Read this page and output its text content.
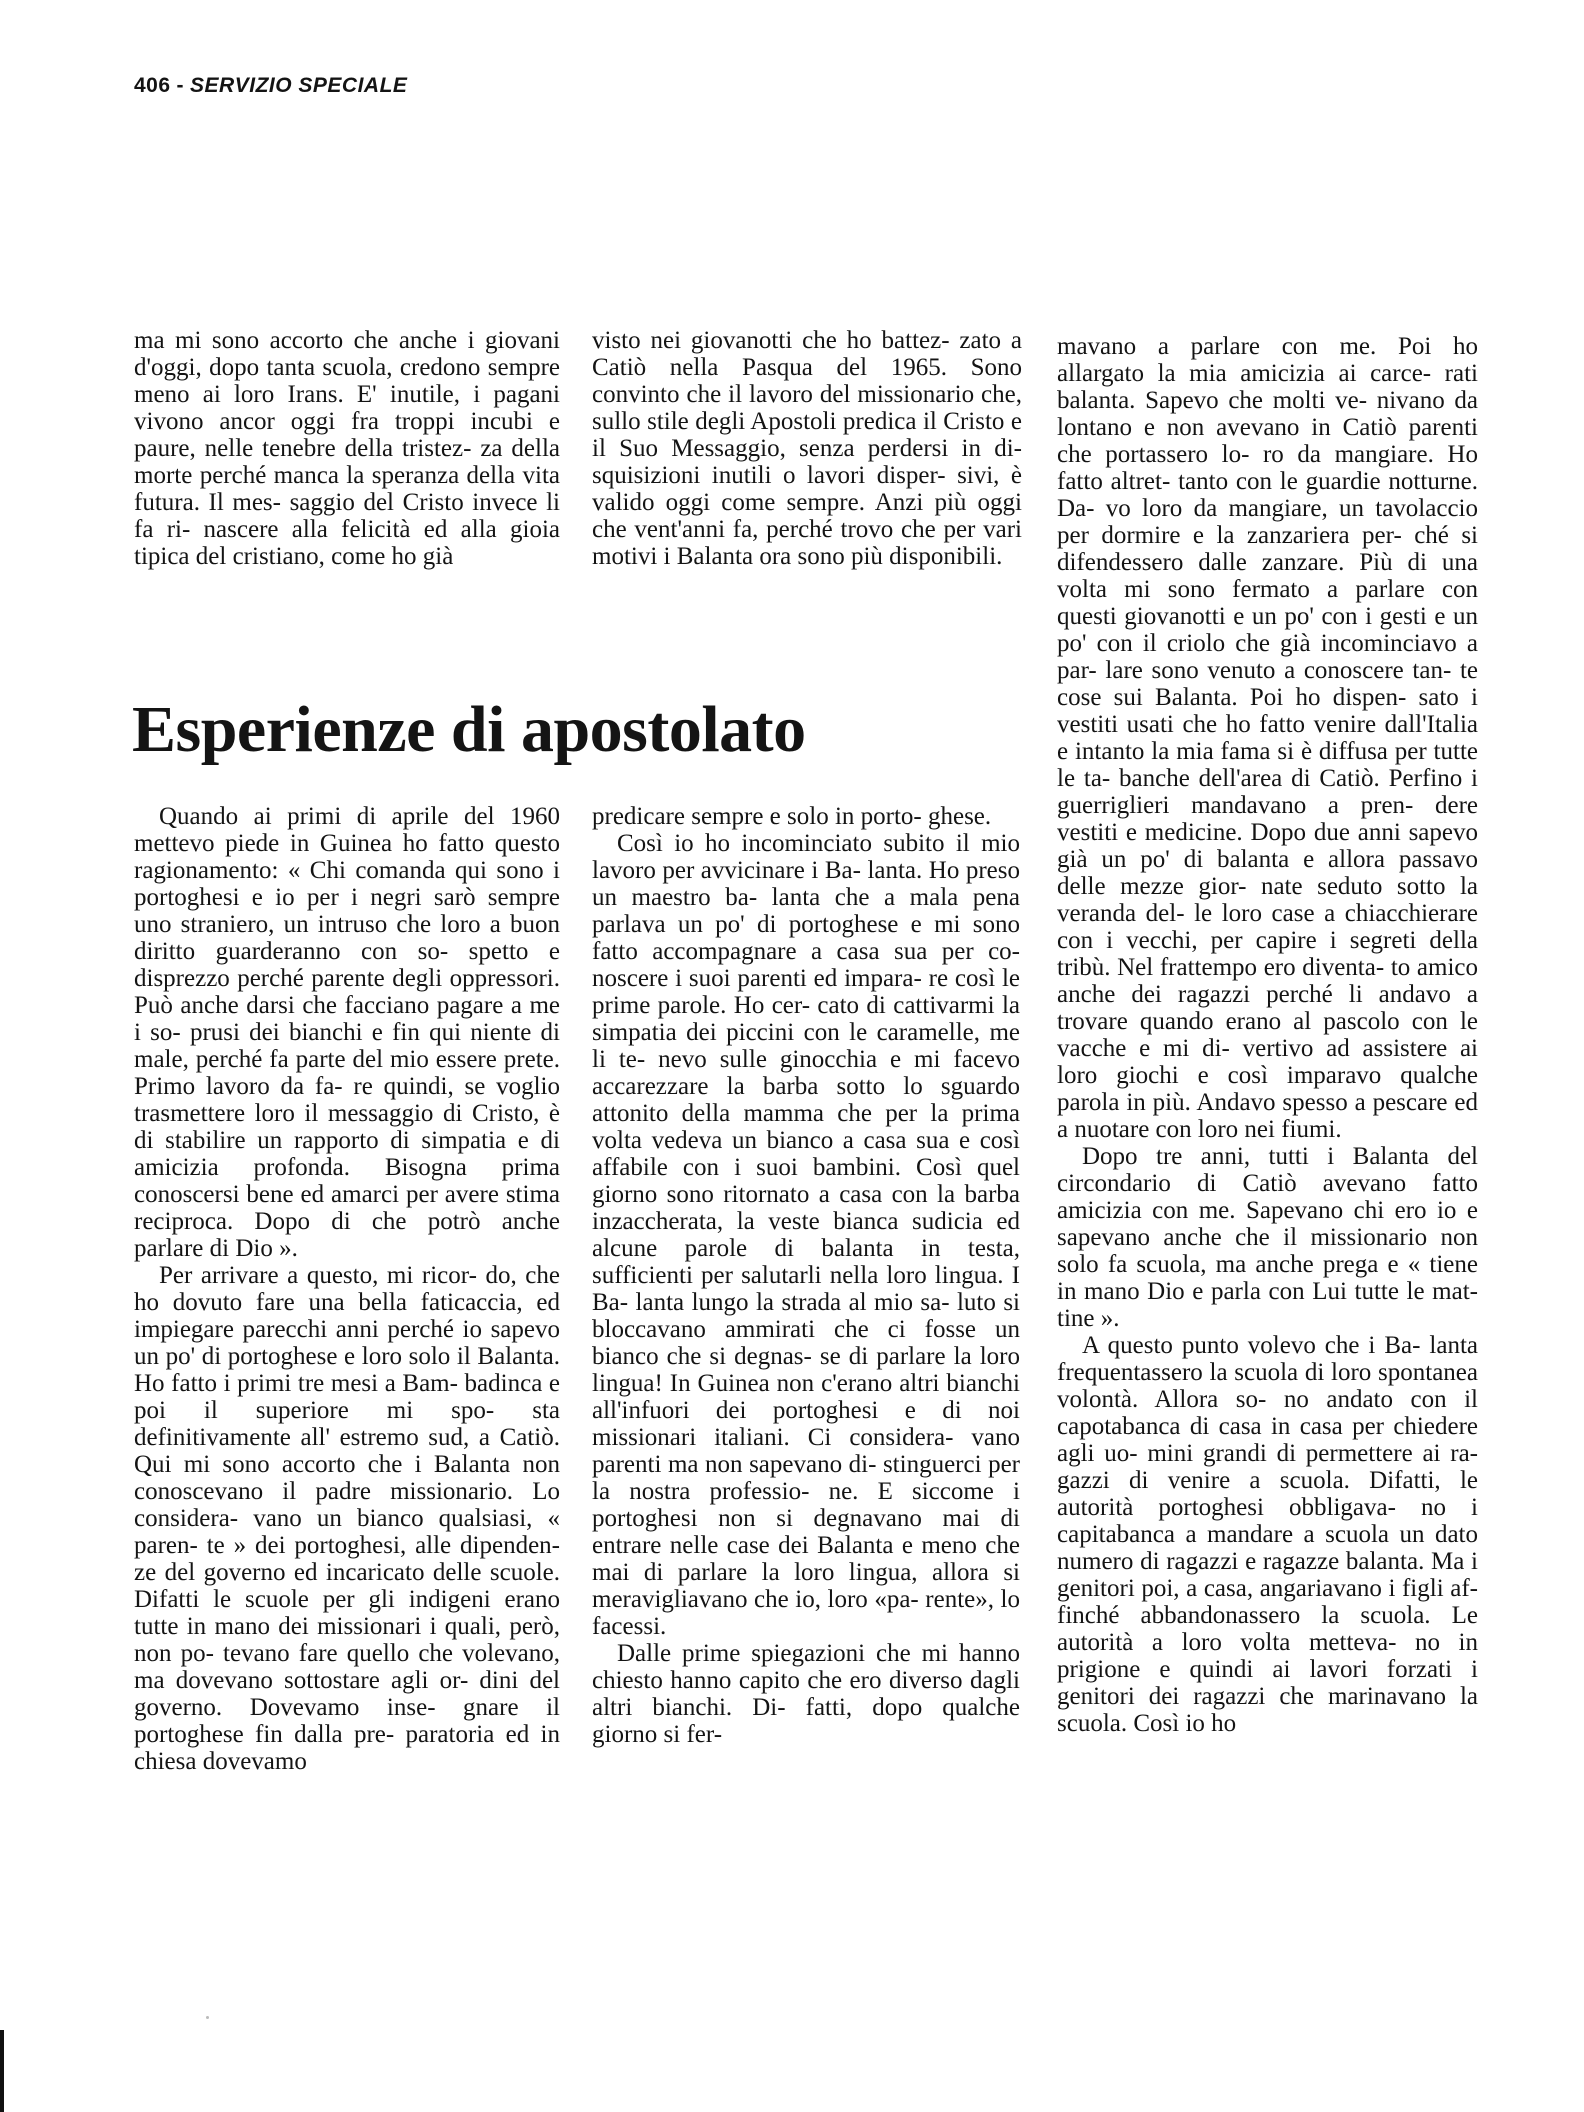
406 - SERVIZIO SPECIALE

ma mi sono accorto che anche i giovani d'oggi, dopo tanta scuola, credono sempre meno ai loro Irans. E' inutile, i pagani vivono ancor oggi fra troppi incubi e paure, nelle tenebre della tristez- za della morte perché manca la speranza della vita futura. Il mes- saggio del Cristo invece li fa ri- nascere alla felicità ed alla gioia tipica del cristiano, come ho già

visto nei giovanotti che ho battez- zato a Catiò nella Pasqua del 1965. Sono convinto che il lavoro del missionario che, sullo stile degli Apostoli predica il Cristo e il Suo Messaggio, senza perdersi in di- squisizioni inutili o lavori disper- sivi, è valido oggi come sempre. Anzi più oggi che vent'anni fa, perché trovo che per vari motivi i Balanta ora sono più disponibili.

mavano a parlare con me. Poi ho allargato la mia amicizia ai carce- rati balanta. Sapevo che molti ve- nivano da lontano e non avevano in Catiò parenti che portassero lo- ro da mangiare. Ho fatto altret- tanto con le guardie notturne. Da- vo loro da mangiare, un tavolaccio per dormire e la zanzariera per- ché si difendessero dalle zanzare. Più di una volta mi sono fermato a parlare con questi giovanotti e un po' con i gesti e un po' con il criolo che già incominciavo a par- lare sono venuto a conoscere tan- te cose sui Balanta. Poi ho dispen- sato i vestiti usati che ho fatto venire dall'Italia e intanto la mia fama si è diffusa per tutte le ta- banche dell'area di Catiò. Perfino i guerriglieri mandavano a pren- dere vestiti e medicine. Dopo due anni sapevo già un po' di balanta e allora passavo delle mezze gior- nate seduto sotto la veranda del- le loro case a chiacchierare con i vecchi, per capire i segreti della tribù. Nel frattempo ero diventa- to amico anche dei ragazzi perché li andavo a trovare quando erano al pascolo con le vacche e mi di- vertivo ad assistere ai loro giochi e così imparavo qualche parola in più. Andavo spesso a pescare ed a nuotare con loro nei fiumi.

Dopo tre anni, tutti i Balanta del circondario di Catiò avevano fatto amicizia con me. Sapevano chi ero io e sapevano anche che il missionario non solo fa scuola, ma anche prega e « tiene in mano Dio e parla con Lui tutte le mat- tine ».

A questo punto volevo che i Ba- lanta frequentassero la scuola di loro spontanea volontà. Allora so- no andato con il capotabanca di casa in casa per chiedere agli uo- mini grandi di permettere ai ra- gazzi di venire a scuola. Difatti, le autorità portoghesi obbligava- no i capitabanca a mandare a scuola un dato numero di ragazzi e ragazze balanta. Ma i genitori poi, a casa, angariavano i figli af- finché abbandonassero la scuola. Le autorità a loro volta metteva- no in prigione e quindi ai lavori forzati i genitori dei ragazzi che marinavano la scuola. Così io ho

Esperienze di apostolato

Quando ai primi di aprile del 1960 mettevo piede in Guinea ho fatto questo ragionamento: « Chi comanda qui sono i portoghesi e io per i negri sarò sempre uno straniero, un intruso che loro a buon diritto guarderanno con so- spetto e disprezzo perché parente degli oppressori. Può anche darsi che facciano pagare a me i so- prusi dei bianchi e fin qui niente di male, perché fa parte del mio essere prete. Primo lavoro da fa- re quindi, se voglio trasmettere loro il messaggio di Cristo, è di stabilire un rapporto di simpatia e di amicizia profonda. Bisogna prima conoscersi bene ed amarci per avere stima reciproca. Dopo di che potrò anche parlare di Dio ».

Per arrivare a questo, mi ricor- do, che ho dovuto fare una bella faticaccia, ed impiegare parecchi anni perché io sapevo un po' di portoghese e loro solo il Balanta. Ho fatto i primi tre mesi a Bam- badinca e poi il superiore mi spo- sta definitivamente all' estremo sud, a Catiò. Qui mi sono accorto che i Balanta non conoscevano il padre missionario. Lo considera- vano un bianco qualsiasi, « paren- te » dei portoghesi, alle dipenden- ze del governo ed incaricato delle scuole. Difatti le scuole per gli indigeni erano tutte in mano dei missionari i quali, però, non po- tevano fare quello che volevano, ma dovevano sottostare agli or- dini del governo. Dovevamo inse- gnare il portoghese fin dalla pre- paratoria ed in chiesa dovevamo

predicare sempre e solo in porto- ghese.

Così io ho incominciato subito il mio lavoro per avvicinare i Ba- lanta. Ho preso un maestro ba- lanta che a mala pena parlava un po' di portoghese e mi sono fatto accompagnare a casa sua per co- noscere i suoi parenti ed impara- re così le prime parole. Ho cer- cato di cattivarmi la simpatia dei piccini con le caramelle, me li te- nevo sulle ginocchia e mi facevo accarezzare la barba sotto lo sguardo attonito della mamma che per la prima volta vedeva un bianco a casa sua e così affabile con i suoi bambini. Così quel giorno sono ritornato a casa con la barba inzaccherata, la veste bianca sudicia ed alcune parole di balanta in testa, sufficienti per salutarli nella loro lingua. I Ba- lanta lungo la strada al mio sa- luto si bloccavano ammirati che ci fosse un bianco che si degnas- se di parlare la loro lingua! In Guinea non c'erano altri bianchi all'infuori dei portoghesi e di noi missionari italiani. Ci considera- vano parenti ma non sapevano di- stinguerci per la nostra professio- ne. E siccome i portoghesi non si degnavano mai di entrare nelle case dei Balanta e meno che mai di parlare la loro lingua, allora si meravigliavano che io, loro «pa- rente», lo facessi.

Dalle prime spiegazioni che mi hanno chiesto hanno capito che ero diverso dagli altri bianchi. Di- fatti, dopo qualche giorno si fer-
